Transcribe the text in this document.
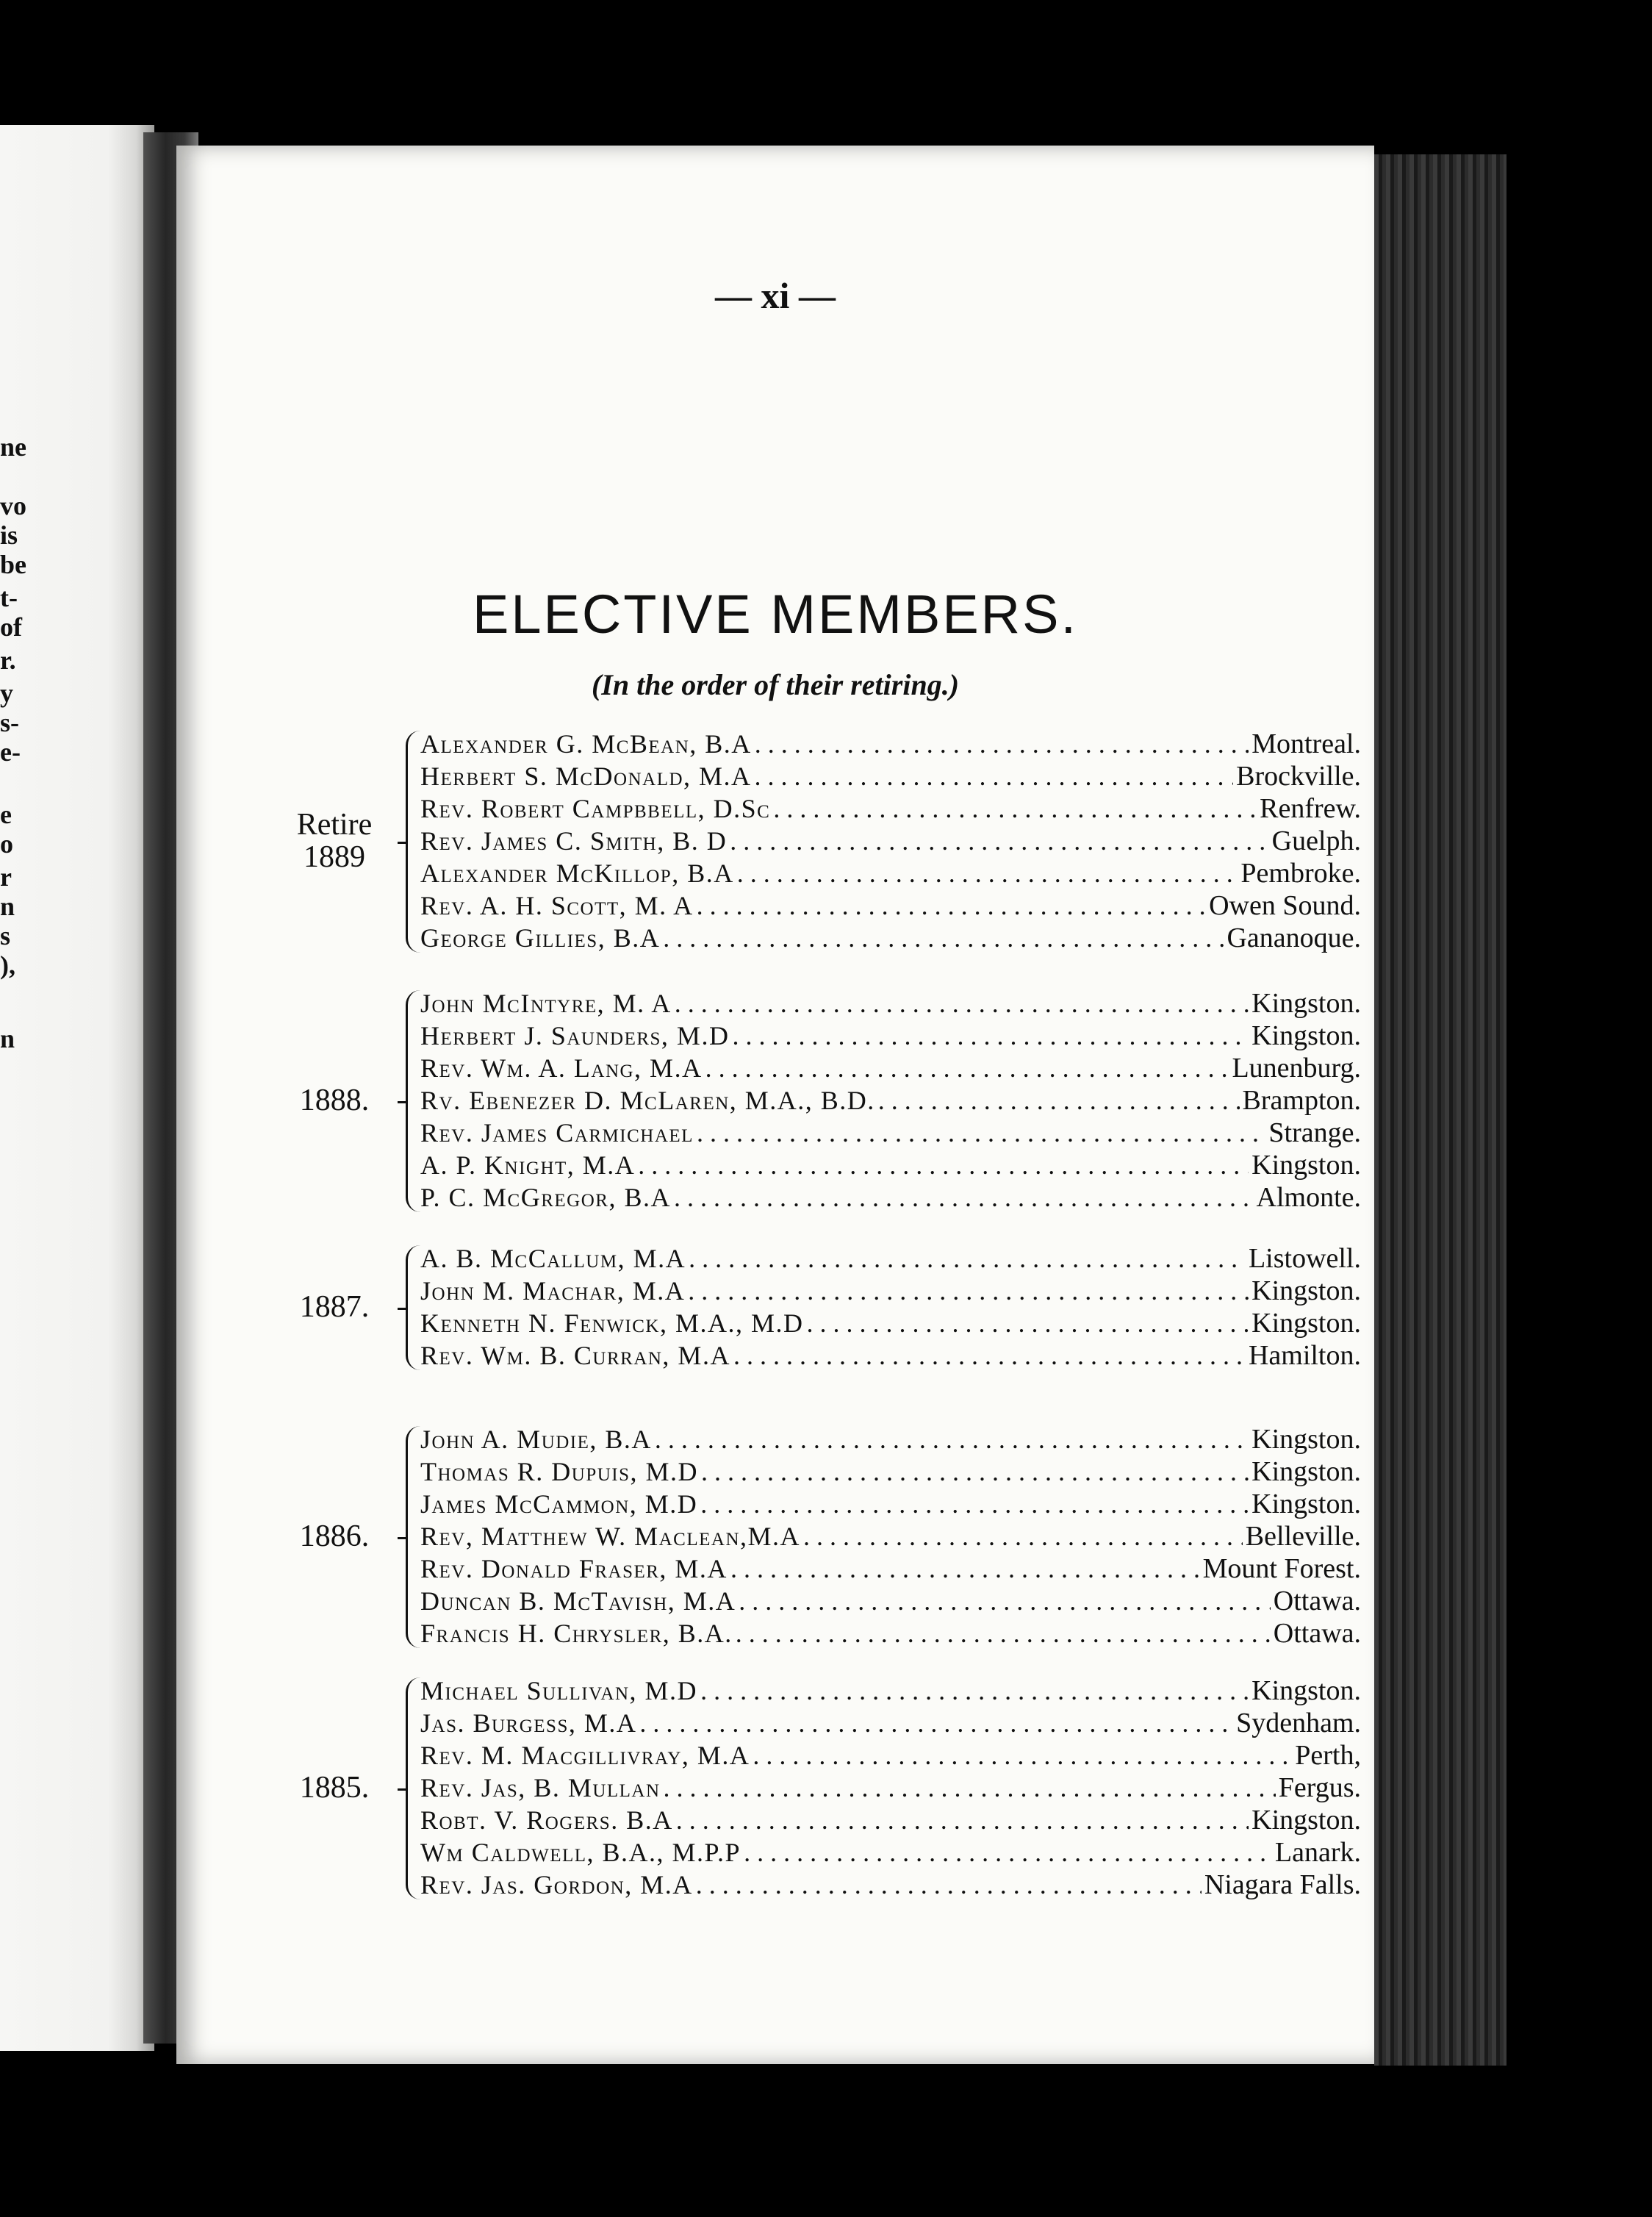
ne
vo
is
be
t-
of
r.
y
s-
e-
e
o
r
n
s
),
n
— xi —
ELECTIVE MEMBERS.
(In the order of their retiring.)
Retire
1889
Alexander G. McBean, B.A . . .	Montreal.
Herbert S. McDonald, M.A . . .	Brockville.
Rev. Robert Campbbell, D.Sc . . .	Renfrew.
Rev. James C. Smith, B. D . . .	Guelph.
Alexander McKillop, B.A . . .	Pembroke.
Rev. A. H. Scott, M. A . . .	Owen Sound.
George Gillies, B.A . . .	Gananoque.
1888.
John McIntyre, M. A . . .	Kingston.
Herbert J. Saunders, M.D . . .	Kingston.
Rev. Wm. A. Lang, M.A . . .	Lunenburg.
Rv. Ebenezer D. McLaren, M.A., B.D. . . .	Brampton.
Rev. James Carmichael . . .	Strange.
A. P. Knight, M.A . . .	Kingston.
P. C. McGregor, B.A . . .	Almonte.
1887.
A. B. McCallum, M.A . . .	Listowell.
John M. Machar, M.A . . .	Kingston.
Kenneth N. Fenwick, M.A., M.D . . .	Kingston.
Rev. Wm. B. Curran, M.A . . .	Hamilton.
1886.
John A. Mudie, B.A . . .	Kingston.
Thomas R. Dupuis, M.D . . .	Kingston.
James McCammon, M.D . . .	Kingston.
Rev, Matthew W. Maclean,M.A . . .	Belleville.
Rev. Donald Fraser, M.A . . .	Mount Forest.
Duncan B. McTavish, M.A . . .	Ottawa.
Francis H. Chrysler, B.A. . . .	Ottawa.
1885.
Michael Sullivan, M.D . . .	Kingston.
Jas. Burgess, M.A . . .	Sydenham.
Rev. M. Macgillivray, M.A . . .	Perth,
Rev. Jas, B. Mullan . . .	Fergus.
Robt. V. Rogers. B.A . . .	Kingston.
Wm Caldwell, B.A., M.P.P . . .	Lanark.
Rev. Jas. Gordon, M.A . . .	Niagara Falls.
